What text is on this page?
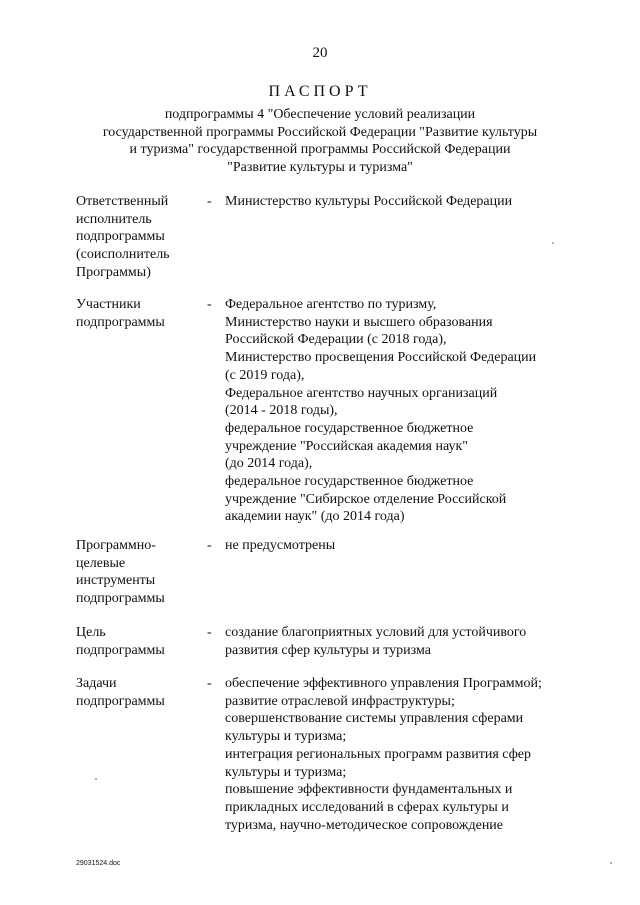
20
ПАСПОРТ
подпрограммы 4 "Обеспечение условий реализации
государственной программы Российской Федерации "Развитие культуры
и туризма" государственной программы Российской Федерации
"Развитие культуры и туризма"
Ответственный
исполнитель
подпрограммы
(соисполнитель
Программы)
- Министерство культуры Российской Федерации
Участники
подпрограммы
- Федеральное агентство по туризму,
Министерство науки и высшего образования
Российской Федерации (с 2018 года),
Министерство просвещения Российской Федерации
(с 2019 года),
Федеральное агентство научных организаций
(2014 - 2018 годы),
федеральное государственное бюджетное
учреждение "Российская академия наук"
(до 2014 года),
федеральное государственное бюджетное
учреждение "Сибирское отделение Российской
академии наук" (до 2014 года)
Программно-
целевые
инструменты
подпрограммы
- не предусмотрены
Цель
подпрограммы
- создание благоприятных условий для устойчивого
развития сфер культуры и туризма
Задачи
подпрограммы
- обеспечение эффективного управления Программой;
развитие отраслевой инфраструктуры;
совершенствование системы управления сферами
культуры и туризма;
интеграция региональных программ развития сфер
культуры и туризма;
повышение эффективности фундаментальных и
прикладных исследований в сферах культуры и
туризма, научно-методическое сопровождение
29031524.doc
